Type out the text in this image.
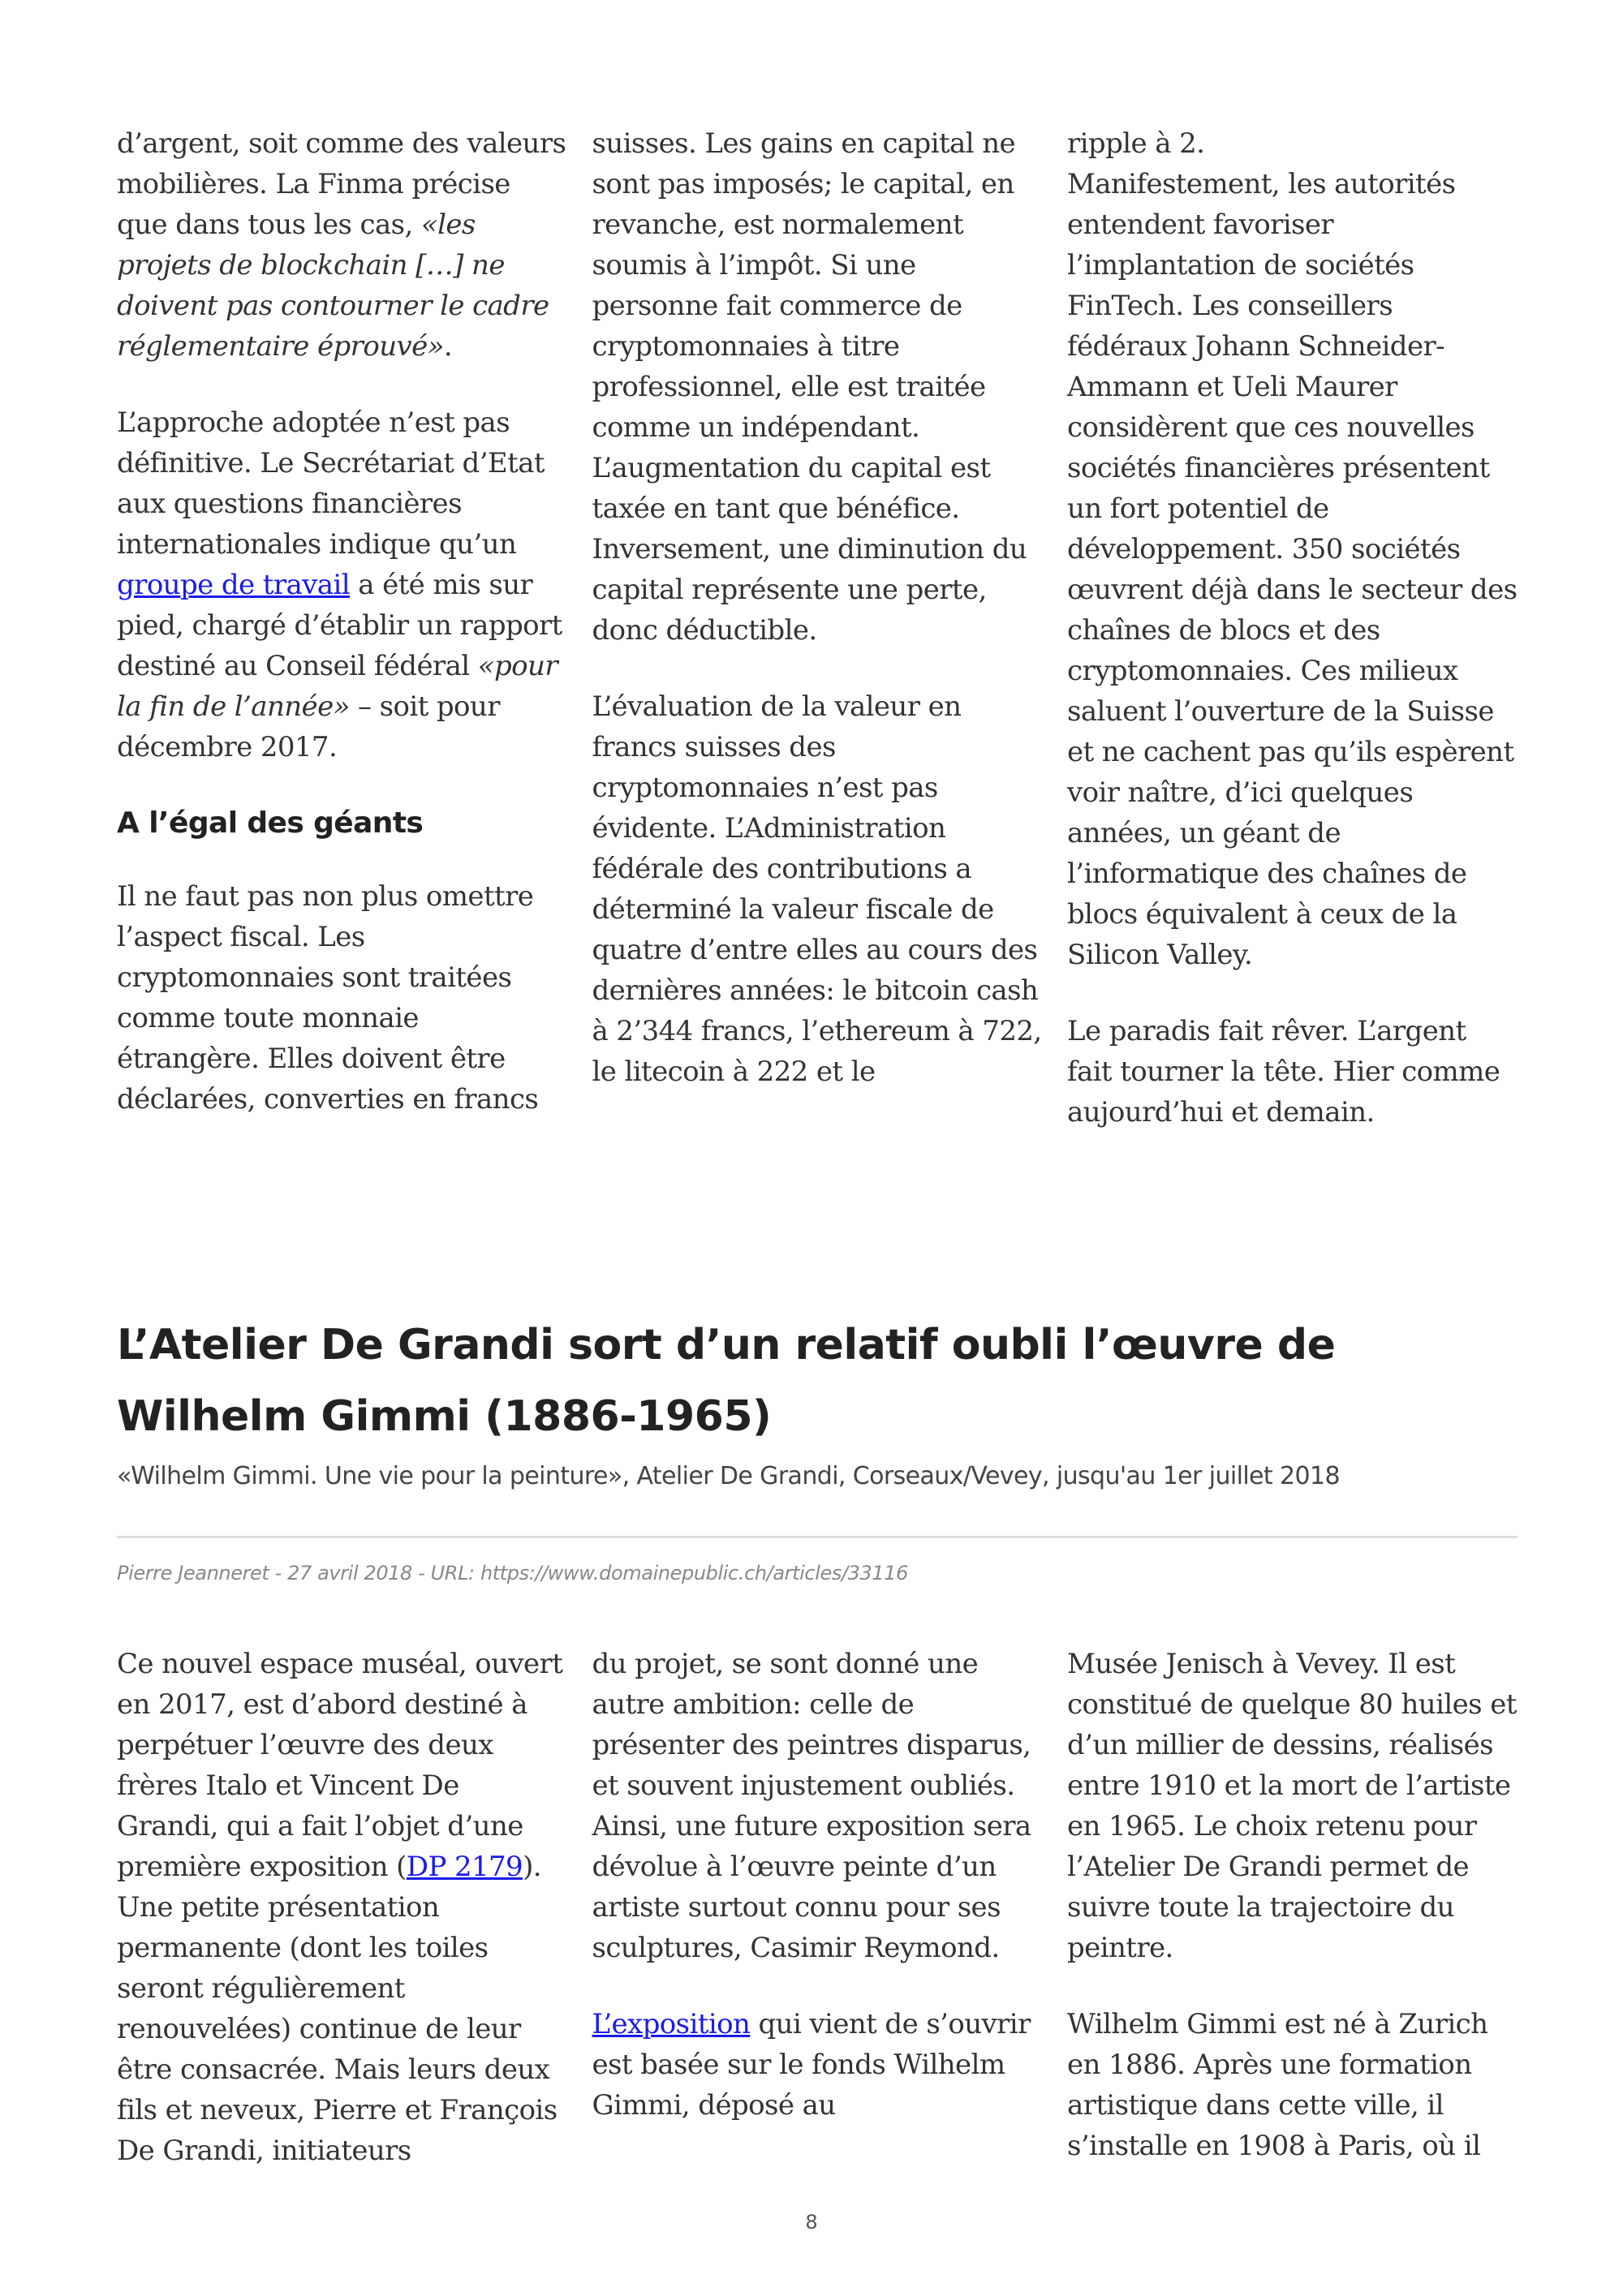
d’argent, soit comme des valeurs mobilières. La Finma précise que dans tous les cas, «les projets de blockchain […] ne doivent pas contourner le cadre réglementaire éprouvé».

L’approche adoptée n’est pas définitive. Le Secrétariat d’Etat aux questions financières internationales indique qu’un groupe de travail a été mis sur pied, chargé d’établir un rapport destiné au Conseil fédéral «pour la fin de l’année» – soit pour décembre 2017.

A l’égal des géants

Il ne faut pas non plus omettre l’aspect fiscal. Les cryptomonnaies sont traitées comme toute monnaie étrangère. Elles doivent être déclarées, converties en francs

suisses. Les gains en capital ne sont pas imposés; le capital, en revanche, est normalement soumis à l’impôt. Si une personne fait commerce de cryptomonnaies à titre professionnel, elle est traitée comme un indépendant. L’augmentation du capital est taxée en tant que bénéfice. Inversement, une diminution du capital représente une perte, donc déductible.

L’évaluation de la valeur en francs suisses des cryptomonnaies n’est pas évidente. L’Administration fédérale des contributions a déterminé la valeur fiscale de quatre d’entre elles au cours des dernières années: le bitcoin cash à 2’344 francs, l’ethereum à 722, le litecoin à 222 et le

ripple à 2.
Manifestement, les autorités entendent favoriser l’implantation de sociétés FinTech. Les conseillers fédéraux Johann Schneider-Ammann et Ueli Maurer considèrent que ces nouvelles sociétés financières présentent un fort potentiel de développement. 350 sociétés œuvrent déjà dans le secteur des chaînes de blocs et des cryptomonnaies. Ces milieux saluent l’ouverture de la Suisse et ne cachent pas qu’ils espèrent voir naître, d’ici quelques années, un géant de l’informatique des chaînes de blocs équivalent à ceux de la Silicon Valley.

Le paradis fait rêver. L’argent fait tourner la tête. Hier comme aujourd’hui et demain.

L’Atelier De Grandi sort d’un relatif oubli l’œuvre de Wilhelm Gimmi (1886-1965)

«Wilhelm Gimmi. Une vie pour la peinture», Atelier De Grandi, Corseaux/Vevey, jusqu'au 1er juillet 2018

Pierre Jeanneret - 27 avril 2018 - URL: https://www.domainepublic.ch/articles/33116

Ce nouvel espace muséal, ouvert en 2017, est d’abord destiné à perpétuer l’œuvre des deux frères Italo et Vincent De Grandi, qui a fait l’objet d’une première exposition (DP 2179). Une petite présentation permanente (dont les toiles seront régulièrement renouvelées) continue de leur être consacrée. Mais leurs deux fils et neveux, Pierre et François De Grandi, initiateurs

du projet, se sont donné une autre ambition: celle de présenter des peintres disparus, et souvent injustement oubliés. Ainsi, une future exposition sera dévolue à l’œuvre peinte d’un artiste surtout connu pour ses sculptures, Casimir Reymond.

L’exposition qui vient de s’ouvrir est basée sur le fonds Wilhelm Gimmi, déposé au

Musée Jenisch à Vevey. Il est constitué de quelque 80 huiles et d’un millier de dessins, réalisés entre 1910 et la mort de l’artiste en 1965. Le choix retenu pour l’Atelier De Grandi permet de suivre toute la trajectoire du peintre.

Wilhelm Gimmi est né à Zurich en 1886. Après une formation artistique dans cette ville, il s’installe en 1908 à Paris, où il

8
